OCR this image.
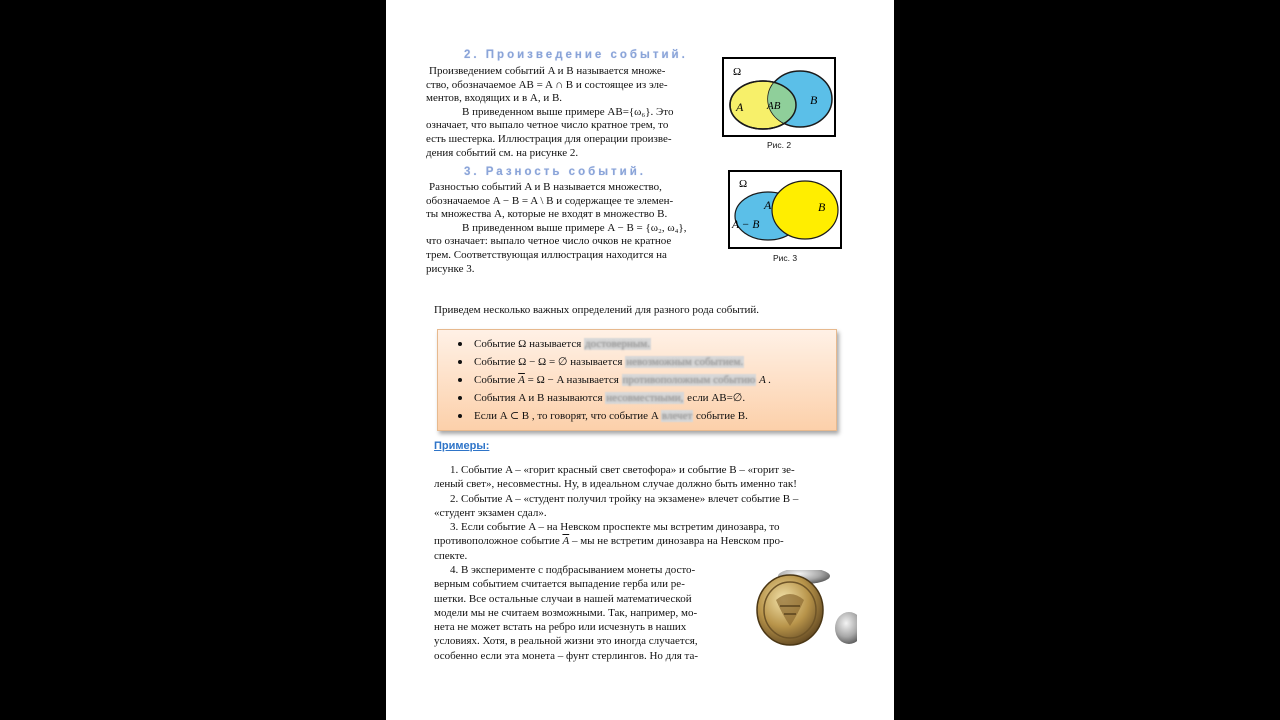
2. Произведение событий.

Произведением событий A и B называется множе-

ство, обозначаемое AB = A ∩ B и состоящее из эле-

ментов, входящих и в A, и B.

В приведенном выше примере AB={ω₆}. Это

означает, что выпало четное число кратное трем, то

есть шестерка. Иллюстрация для операции произве-

дения событий см. на рисунке 2.

Ω
A AB B
Рис. 2
3. Разность событий.

Разностью событий A и B называется множество,

обозначаемое A − B = A \ B и содержащее те элемен-

ты множества A, которые не входят в множество B.

В приведенном выше примере A − B = {ω₂, ω₄},

что означает: выпало четное число очков не кратное

трем. Соответствующая иллюстрация находится на

рисунке 3.

Ω
A
A − B
B
Рис. 3
Приведем несколько важных определений для разного рода событий.
Событие Ω называется достоверным.
Событие Ω − Ω = ∅ называется невозможным событием.
Событие $\overline{A} = \Omega - A$ называется противоположным событию A .
События A и B называются несовместными, если AB=∅.
Если A ⊂ B , то говорят, что событие A влечет событие B.
Примеры:

1. Событие A – «горит красный свет светофора» и событие B – «горит зе-

леный свет», несовместны. Ну, в идеальном случае должно быть именно так!

2. Событие A – «студент получил тройку на экзамене» влечет событие B –

«студент экзамен сдал».

3. Если событие A – на Невском проспекте мы встретим динозавра, то

противоположное событие $\overline{A}$ – мы не встретим динозавра на Невском про-

спекте.

4. В эксперименте с подбрасыванием монеты досто-

верным событием считается выпадение герба или ре-

шетки. Все остальные случаи в нашей математической

модели мы не считаем возможными. Так, например, мо-

нета не может встать на ребро или исчезнуть в наших

условиях. Хотя, в реальной жизни это иногда случается,

особенно если эта монета – фунт стерлингов. Но для та-
